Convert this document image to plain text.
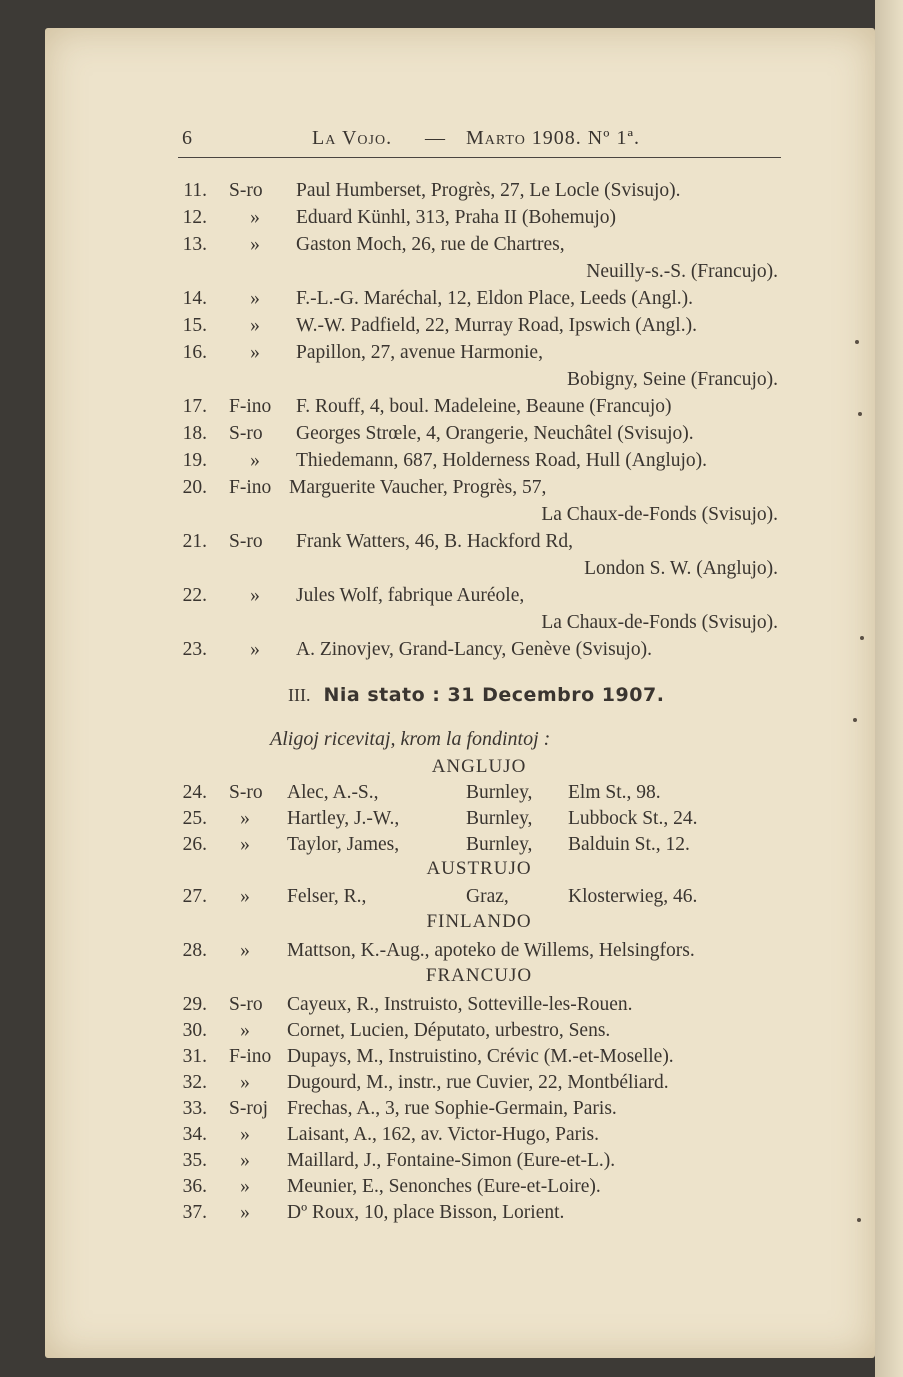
6	La Vojo. — Marto 1908. Nº 1ª.
11. S-ro Paul Humberset, Progrès, 27, Le Locle (Svisujo).
12.	»	Eduard Künhl, 313, Praha II (Bohemujo)
13.	»	Gaston Moch, 26, rue de Chartres,
Neuilly-s.-S. (Francujo).
14.	»	F.-L.-G. Maréchal, 12, Eldon Place, Leeds (Angl.).
15.	»	W.-W. Padfield, 22, Murray Road, Ipswich (Angl.).
16.	»	Papillon, 27, avenue Harmonie,
Bobigny, Seine (Francujo).
17. F-ino F. Rouff, 4, boul. Madeleine, Beaune (Francujo)
18. S-ro Georges Strœle, 4, Orangerie, Neuchâtel (Svisujo).
19.	»	Thiedemann, 687, Holderness Road, Hull (Anglujo).
20. F-ino Marguerite Vaucher, Progrès, 57,
La Chaux-de-Fonds (Svisujo).
21. S-ro Frank Watters, 46, B. Hackford Rd,
London S. W. (Anglujo).
22.	»	Jules Wolf, fabrique Auréole,
La Chaux-de-Fonds (Svisujo).
23.	»	A. Zinovjev, Grand-Lancy, Genève (Svisujo).
III. Nia stato : 31 Decembro 1907.
Aligoj ricevitaj, krom la fondintoj :
ANGLUJO
AUSTRUJO
FINLANDO
FRANCUJO
24. S-ro Alec, A.-S.,	Burnley, Elm St., 98.
25.	»	Hartley, J.-W.,	Burnley, Lubbock St., 24.
26.	»	Taylor, James,	Burnley, Balduin St., 12.
27.	»	Felser, R.,	Graz,	Klosterwieg, 46.
28.	»	Mattson, K.-Aug., apoteko de Willems, Helsingfors.
29. S-ro Cayeux, R., Instruisto, Sotteville-les-Rouen.
30.	»	Cornet, Lucien, Députato, urbestro, Sens.
31. F-ino Dupays, M., Instruistino, Crévic (M.-et-Moselle).
32.	»	Dugourd, M., instr., rue Cuvier, 22, Montbéliard.
33. S-roj Frechas, A., 3, rue Sophie-Germain, Paris.
34.	»	Laisant, A., 162, av. Victor-Hugo, Paris.
35.	»	Maillard, J., Fontaine-Simon (Eure-et-L.).
36.	»	Meunier, E., Senonches (Eure-et-Loire).
37.	»	Dº Roux, 10, place Bisson, Lorient.
